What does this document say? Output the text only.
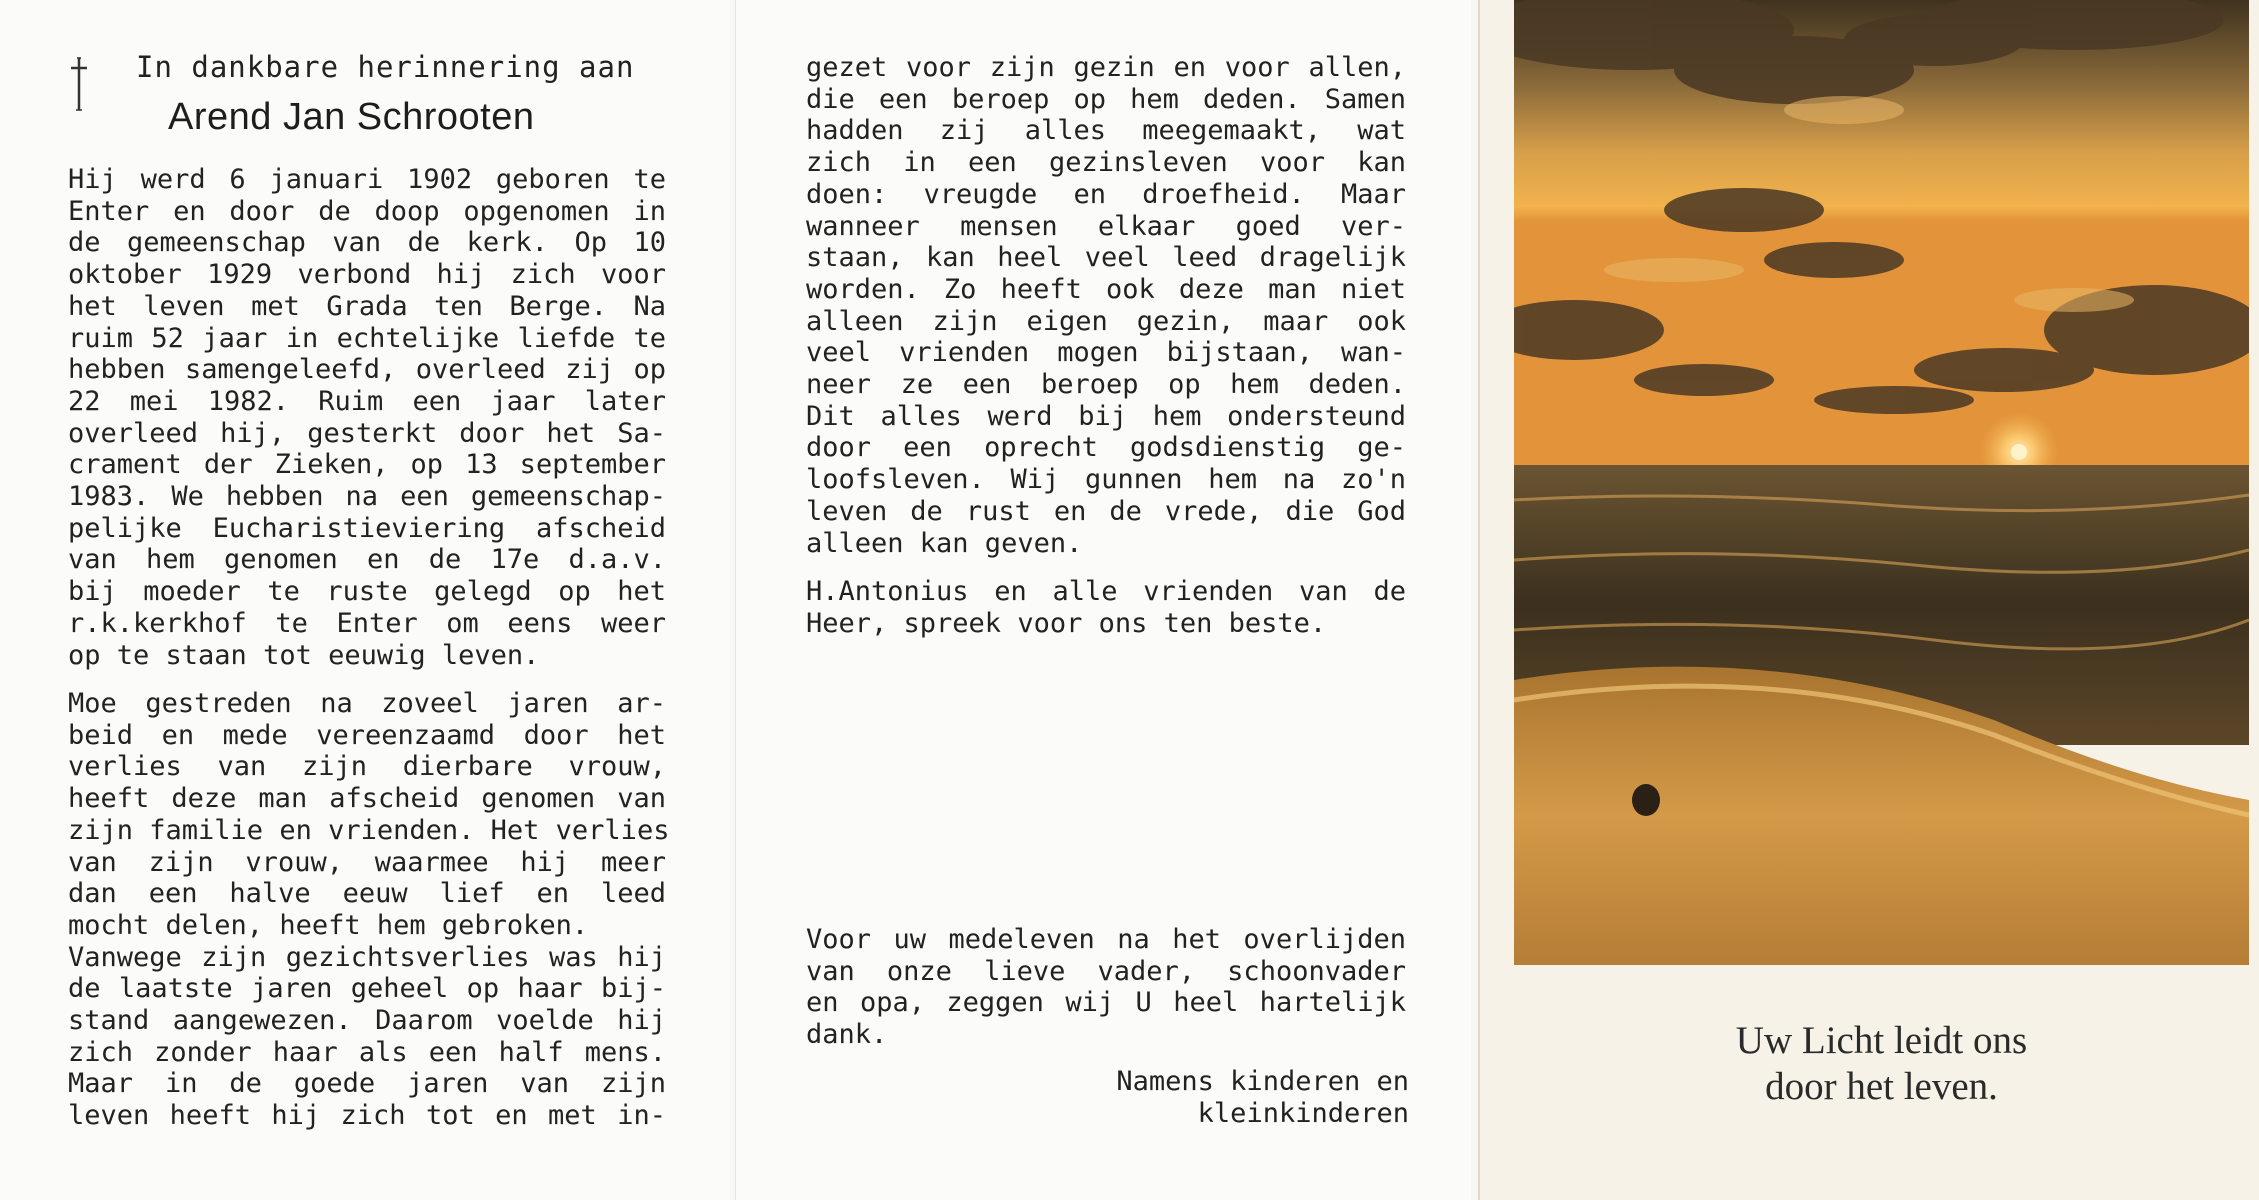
In dankbare herinnering aan
Arend Jan Schrooten
Hij werd 6 januari 1902 geboren te
Enter en door de doop opgenomen in
de gemeenschap van de kerk. Op 10
oktober 1929 verbond hij zich voor
het leven met Grada ten Berge. Na
ruim 52 jaar in echtelijke liefde te
hebben samengeleefd, overleed zij op
22 mei 1982. Ruim een jaar later
overleed hij, gesterkt door het Sa-
crament der Zieken, op 13 september
1983. We hebben na een gemeenschap-
pelijke Eucharistieviering afscheid
van hem genomen en de 17e d.a.v.
bij moeder te ruste gelegd op het
r.k.kerkhof te Enter om eens weer
op te staan tot eeuwig leven.
Moe gestreden na zoveel jaren ar-
beid en mede vereenzaamd door het
verlies van zijn dierbare vrouw,
heeft deze man afscheid genomen van
zijn familie en vrienden. Het verlies
van zijn vrouw, waarmee hij meer
dan een halve eeuw lief en leed
mocht delen, heeft hem gebroken.
Vanwege zijn gezichtsverlies was hij
de laatste jaren geheel op haar bij-
stand aangewezen. Daarom voelde hij
zich zonder haar als een half mens.
Maar in de goede jaren van zijn
leven heeft hij zich tot en met in-
gezet voor zijn gezin en voor allen,
die een beroep op hem deden. Samen
hadden zij alles meegemaakt, wat
zich in een gezinsleven voor kan
doen: vreugde en droefheid. Maar
wanneer mensen elkaar goed ver-
staan, kan heel veel leed dragelijk
worden. Zo heeft ook deze man niet
alleen zijn eigen gezin, maar ook
veel vrienden mogen bijstaan, wan-
neer ze een beroep op hem deden.
Dit alles werd bij hem ondersteund
door een oprecht godsdienstig ge-
loofsleven. Wij gunnen hem na zo'n
leven de rust en de vrede, die God
alleen kan geven.
H.Antonius en alle vrienden van de
Heer, spreek voor ons ten beste.
Voor uw medeleven na het overlijden
van onze lieve vader, schoonvader
en opa, zeggen wij U heel hartelijk
dank.
Namens kinderen en
kleinkinderen
Uw Licht leidt ons
door het leven.
